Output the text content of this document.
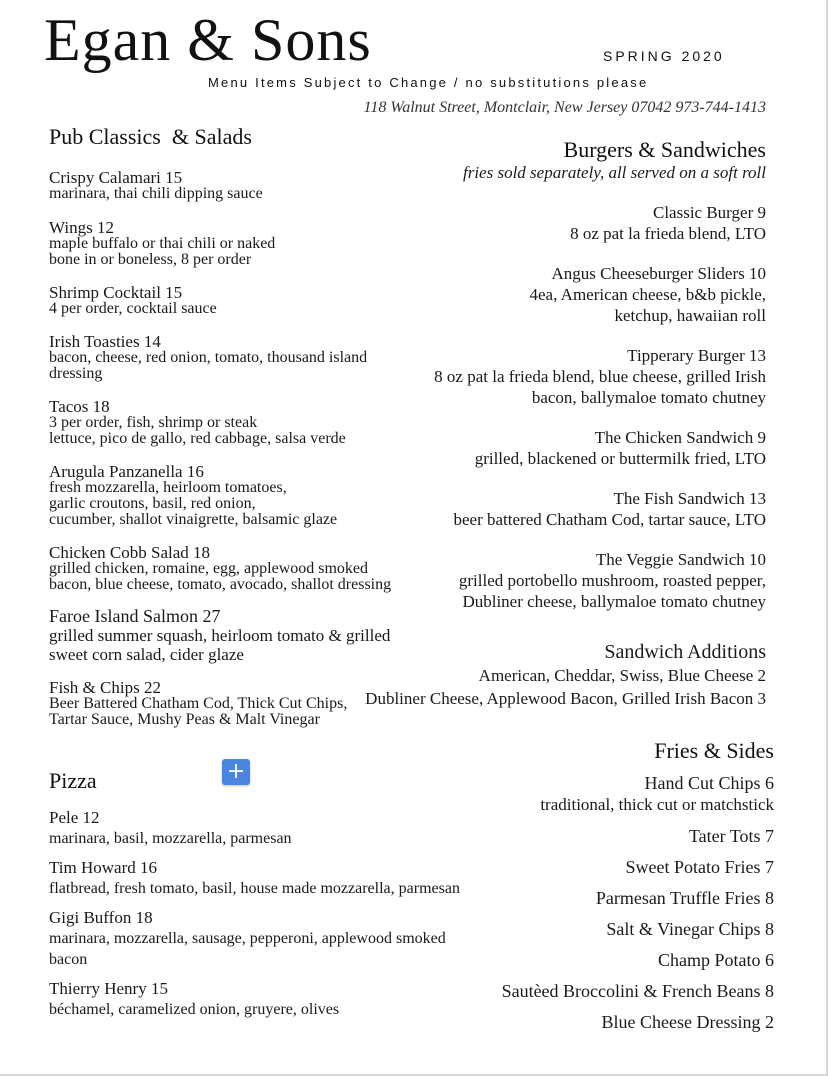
Egan & Sons	SPRING 2020
Menu Items Subject to Change / no substitutions please
118 Walnut Street, Montclair, New Jersey 07042 973-744-1413
Pub Classics  & Salads
Crispy Calamari 15
marinara, thai chili dipping sauce
Wings 12
maple buffalo or thai chili or naked
bone in or boneless, 8 per order
Shrimp Cocktail 15
4 per order, cocktail sauce
Irish Toasties 14
bacon, cheese, red onion, tomato, thousand island
dressing
Tacos 18
3 per order, fish, shrimp or steak
lettuce, pico de gallo, red cabbage, salsa verde
Arugula Panzanella 16
fresh mozzarella, heirloom tomatoes,
garlic croutons, basil, red onion,
cucumber, shallot vinaigrette, balsamic glaze
Chicken Cobb Salad 18
grilled chicken, romaine, egg, applewood smoked
bacon, blue cheese, tomato, avocado, shallot dressing
Faroe Island Salmon 27
grilled summer squash, heirloom tomato & grilled
sweet corn salad, cider glaze
Fish & Chips 22
Beer Battered Chatham Cod, Thick Cut Chips,
Tartar Sauce, Mushy Peas & Malt Vinegar
Pizza
Pele 12
marinara, basil, mozzarella, parmesan
Tim Howard 16
flatbread, fresh tomato, basil, house made mozzarella, parmesan
Gigi Buffon 18
marinara, mozzarella, sausage, pepperoni, applewood smoked
bacon
Thierry Henry 15
béchamel, caramelized onion, gruyere, olives
Burgers & Sandwiches
fries sold separately, all served on a soft roll
Classic Burger 9
8 oz pat la frieda blend, LTO
Angus Cheeseburger Sliders 10
4ea, American cheese, b&b pickle,
ketchup, hawaiian roll
Tipperary Burger 13
8 oz pat la frieda blend, blue cheese, grilled Irish
bacon, ballymaloe tomato chutney
The Chicken Sandwich 9
grilled, blackened or buttermilk fried, LTO
The Fish Sandwich 13
beer battered Chatham Cod, tartar sauce, LTO
The Veggie Sandwich 10
grilled portobello mushroom, roasted pepper,
Dubliner cheese, ballymaloe tomato chutney
Sandwich Additions
American, Cheddar, Swiss, Blue Cheese 2
Dubliner Cheese, Applewood Bacon, Grilled Irish Bacon 3
Fries & Sides
Hand Cut Chips 6
traditional, thick cut or matchstick
Tater Tots 7
Sweet Potato Fries 7
Parmesan Truffle Fries 8
Salt & Vinegar Chips 8
Champ Potato 6
Sautèed Broccolini & French Beans 8
Blue Cheese Dressing 2
+
